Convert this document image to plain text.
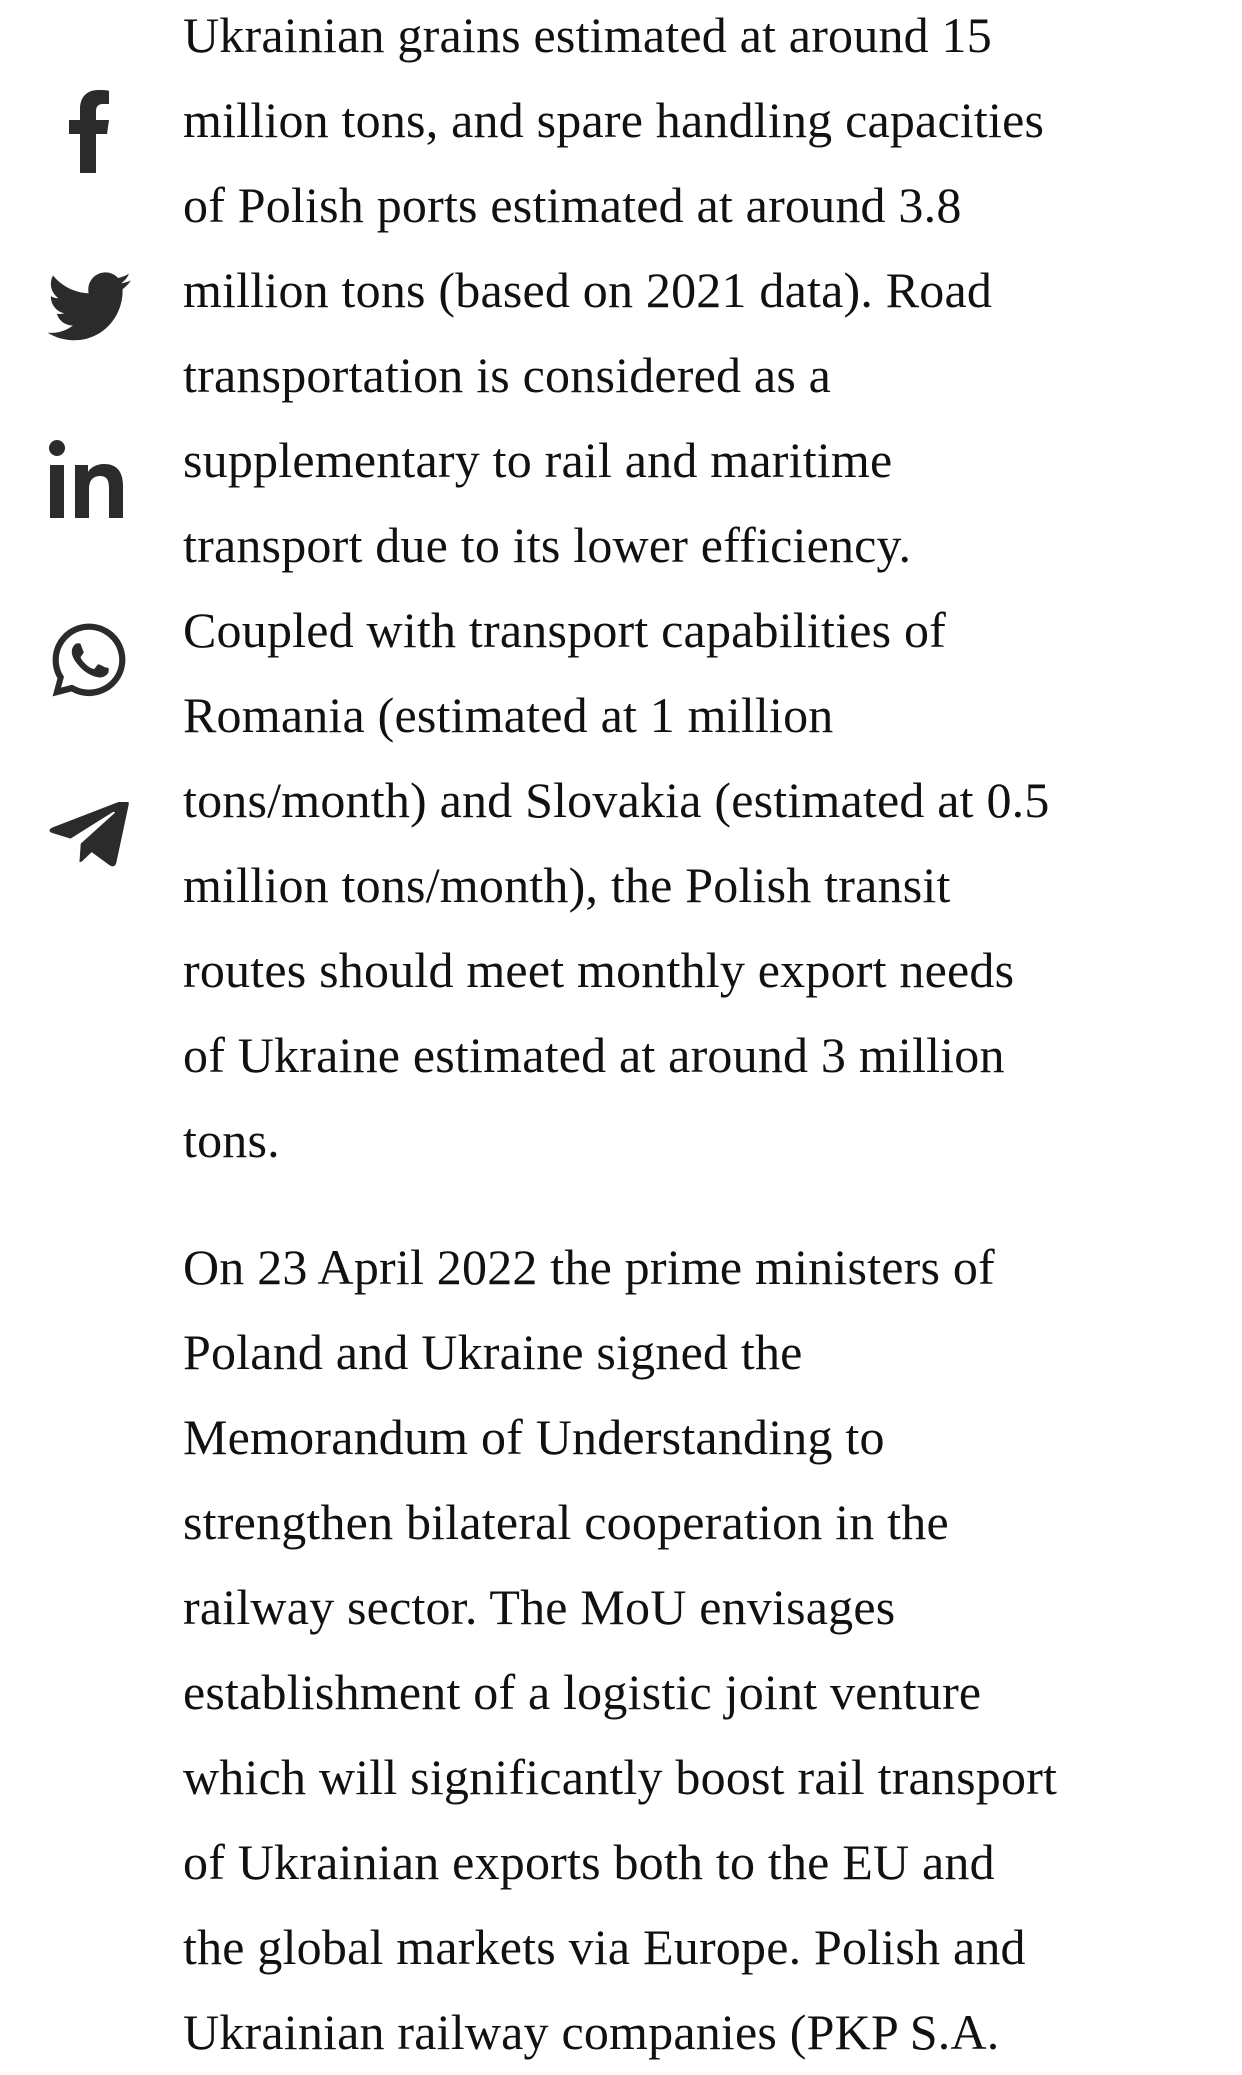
Ukrainian grains estimated at around 15
million tons, and spare handling capacities
of Polish ports estimated at around 3.8
million tons (based on 2021 data). Road
transportation is considered as a
supplementary to rail and maritime
transport due to its lower efficiency.
Coupled with transport capabilities of
Romania (estimated at 1 million
tons/month) and Slovakia (estimated at 0.5
million tons/month), the Polish transit
routes should meet monthly export needs
of Ukraine estimated at around 3 million
tons.

On 23 April 2022 the prime ministers of
Poland and Ukraine signed the
Memorandum of Understanding to
strengthen bilateral cooperation in the
railway sector. The MoU envisages
establishment of a logistic joint venture
which will significantly boost rail transport
of Ukrainian exports both to the EU and
the global markets via Europe. Polish and
Ukrainian railway companies (PKP S.A.
